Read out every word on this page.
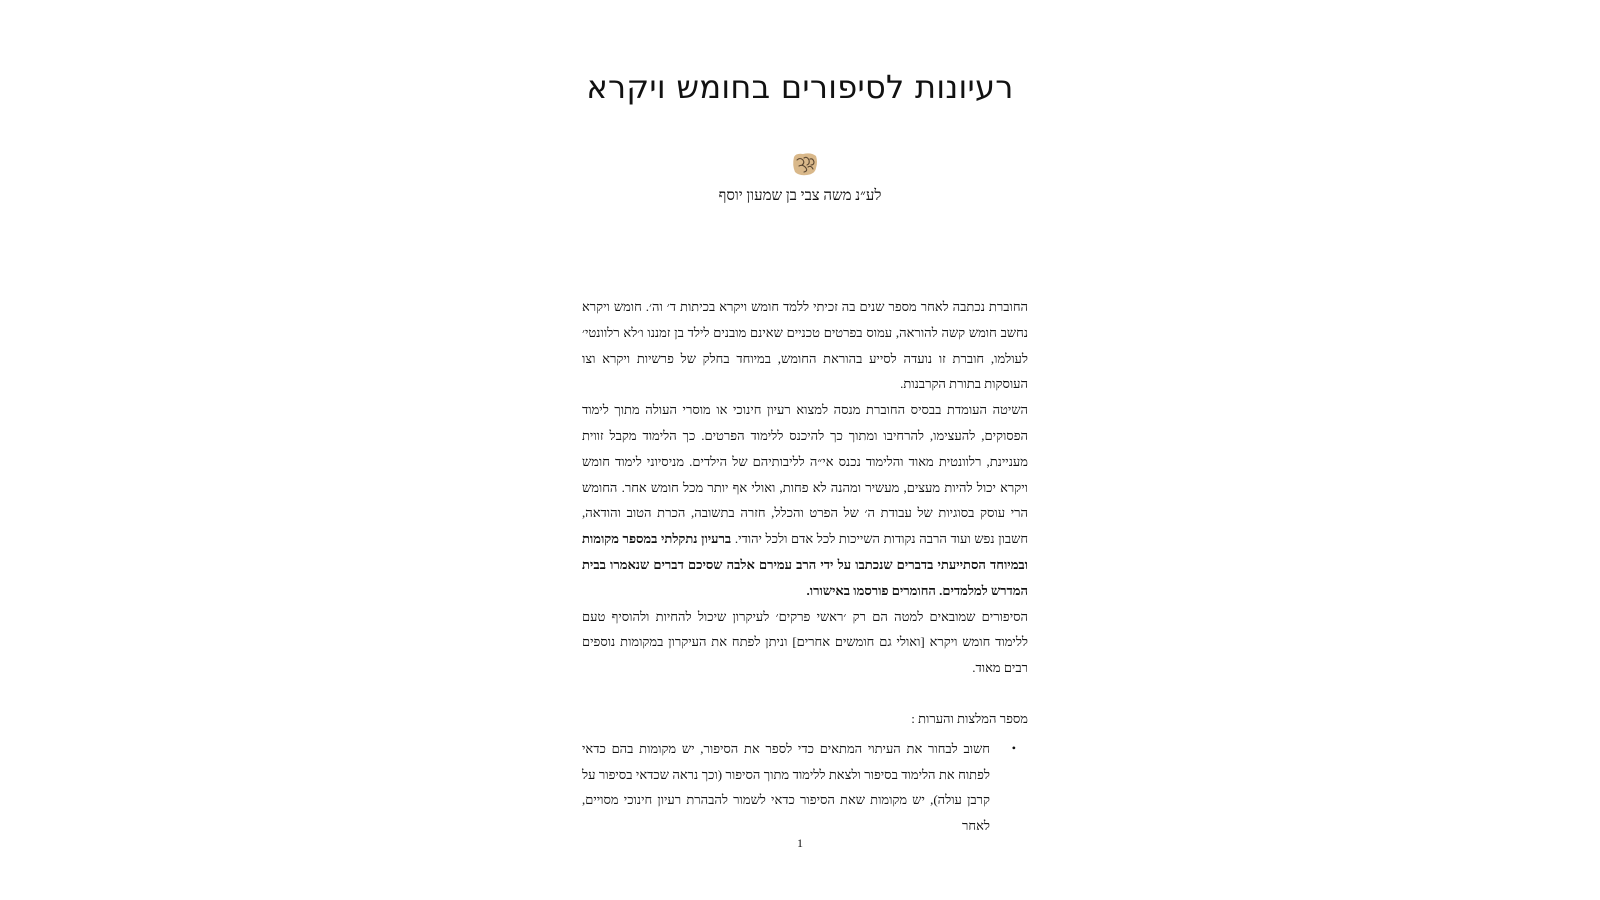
רעיונות לסיפורים בחומש ויקרא
לע״נ משה צבי בן שמעון יוסף

החוברת נכתבה לאחר מספר שנים בה זכיתי ללמד חומש ויקרא בכיתות ד׳ וה׳. חומש ויקרא נחשב חומש קשה להוראה, עמוס בפרטים טכניים שאינם מובנים לילד בן זמננו ו׳לא רלוונטי׳ לעולמו, חוברת זו נועדה לסייע בהוראת החומש, במיוחד בחלק של פרשיות ויקרא וצו העוסקות בתורת הקרבנות.

השיטה העומדת בבסיס החוברת מנסה למצוא רעיון חינוכי או מוסרי העולה מתוך לימוד הפסוקים, להעצימו, להרחיבו ומתוך כך להיכנס ללימוד הפרטים. כך הלימוד מקבל זווית מעניינת, רלוונטית מאוד והלימוד נכנס אי״ה לליבותיהם של הילדים. מניסיוני לימוד חומש ויקרא יכול להיות מעצים, מעשיר ומהנה לא פחות, ואולי אף יותר מכל חומש אחר. החומש הרי עוסק בסוגיות של עבודת ה׳ של הפרט והכלל, חזרה בתשובה, הכרת הטוב והודאה, חשבון נפש ועוד הרבה נקודות השייכות לכל אדם ולכל יהודי. ברעיון נתקלתי במספר מקומות ובמיוחד הסתייעתי בדברים שנכתבו על ידי הרב עמירם אלבה שסיכם דברים שנאמרו בבית המדרש למלמדים. החומרים פורסמו באישורו.

הסיפורים שמובאים למטה הם רק ׳ראשי פרקים׳ לעיקרון שיכול להחיות ולהוסיף טעם ללימוד חומש ויקרא [ואולי גם חומשים אחרים] וניתן לפתח את העיקרון במקומות נוספים רבים מאוד.

מספר המלצות והערות :

•
חשוב לבחור את העיתוי המתאים כדי לספר את הסיפור, יש מקומות בהם כדאי לפתוח את הלימוד בסיפור ולצאת ללימוד מתוך הסיפור (וכך נראה שכדאי בסיפור על קרבן עולה), יש מקומות שאת הסיפור כדאי לשמור להבהרת רעיון חינוכי מסויים, לאחר
1
